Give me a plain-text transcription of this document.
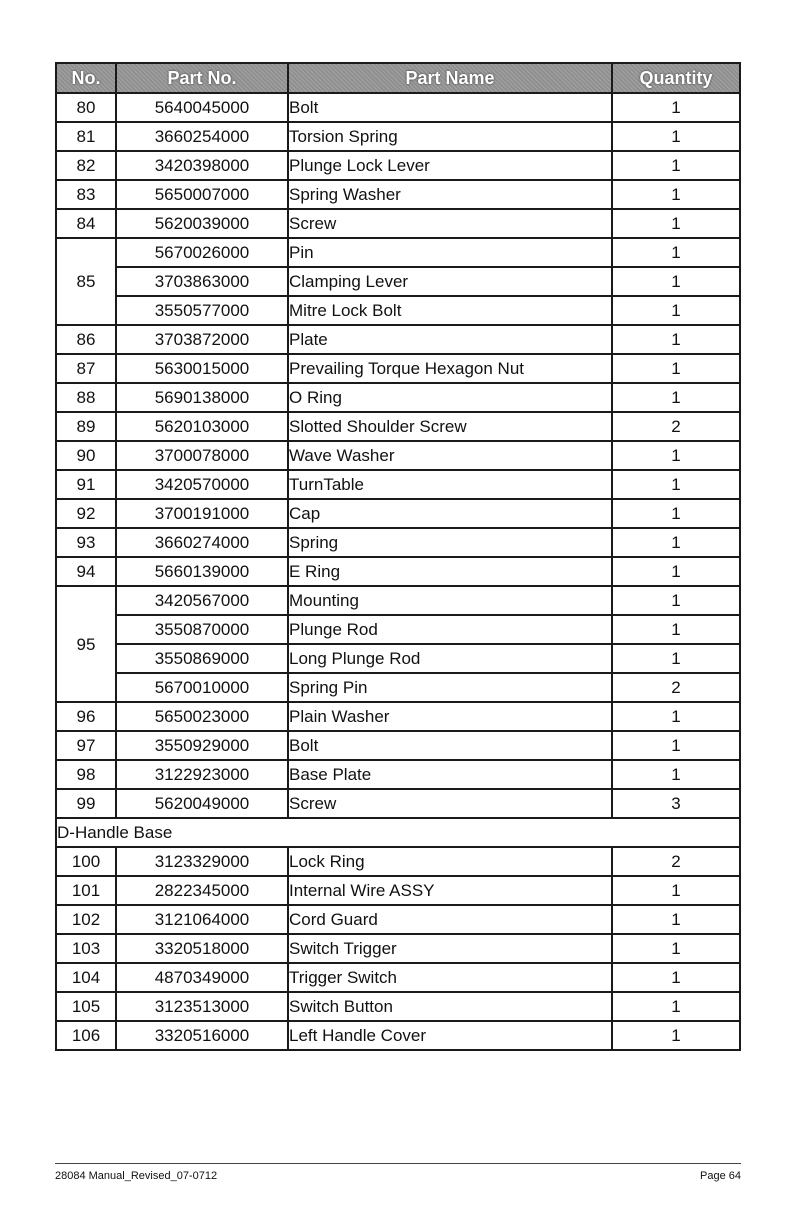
No.	Part No.	Part Name	Quantity
80	5640045000	Bolt	1
81	3660254000	Torsion Spring	1
82	3420398000	Plunge Lock Lever	1
83	5650007000	Spring Washer	1
84	5620039000	Screw	1
85	5670026000	Pin	1
	3703863000	Clamping Lever	1
	3550577000	Mitre Lock Bolt	1
86	3703872000	Plate	1
87	5630015000	Prevailing Torque Hexagon Nut	1
88	5690138000	O Ring	1
89	5620103000	Slotted Shoulder Screw	2
90	3700078000	Wave Washer	1
91	3420570000	TurnTable	1
92	3700191000	Cap	1
93	3660274000	Spring	1
94	5660139000	E Ring	1
95	3420567000	Mounting	1
	3550870000	Plunge Rod	1
	3550869000	Long Plunge Rod	1
	5670010000	Spring Pin	2
96	5650023000	Plain Washer	1
97	3550929000	Bolt	1
98	3122923000	Base Plate	1
99	5620049000	Screw	3
D-Handle Base			
100	3123329000	Lock Ring	2
101	2822345000	Internal Wire ASSY	1
102	3121064000	Cord Guard	1
103	3320518000	Switch Trigger	1
104	4870349000	Trigger Switch	1
105	3123513000	Switch Button	1
106	3320516000	Left Handle Cover	1
28084 Manual_Revised_07-0712	Page 64
